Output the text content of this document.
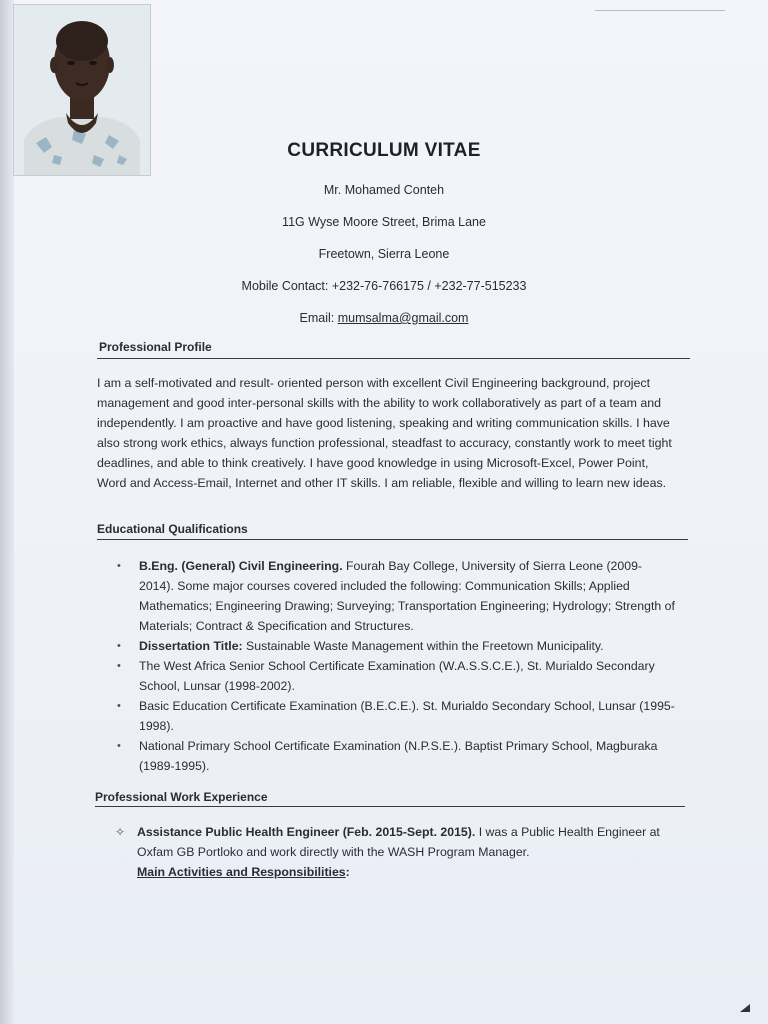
CURRICULUM VITAE
Mr. Mohamed Conteh
11G Wyse Moore Street, Brima Lane
Freetown, Sierra Leone
Mobile Contact: +232-76-766175 / +232-77-515233
Email: mumsalma@gmail.com
Professional Profile
I am a self-motivated and result- oriented person with excellent Civil Engineering background, project management and good inter-personal skills with the ability to work collaboratively as part of a team and independently. I am proactive and have good listening, speaking and writing communication skills. I have also strong work ethics, always function professional, steadfast to accuracy, constantly work to meet tight deadlines, and able to think creatively. I have good knowledge in using Microsoft-Excel, Power Point, Word and Access-Email, Internet and other IT skills. I am reliable, flexible and willing to learn new ideas.
Educational Qualifications
• B.Eng. (General) Civil Engineering. Fourah Bay College, University of Sierra Leone (2009-2014). Some major courses covered included the following: Communication Skills; Applied Mathematics; Engineering Drawing; Surveying; Transportation Engineering; Hydrology; Strength of Materials; Contract & Specification and Structures.
• Dissertation Title: Sustainable Waste Management within the Freetown Municipality.
• The West Africa Senior School Certificate Examination (W.A.S.S.C.E.), St. Murialdo Secondary School, Lunsar (1998-2002).
• Basic Education Certificate Examination (B.E.C.E.). St. Murialdo Secondary School, Lunsar (1995-1998).
• National Primary School Certificate Examination (N.P.S.E.). Baptist Primary School, Magburaka (1989-1995).
Professional Work Experience
✧ Assistance Public Health Engineer (Feb. 2015-Sept. 2015). I was a Public Health Engineer at Oxfam GB Portloko and work directly with the WASH Program Manager.
Main Activities and Responsibilities:
